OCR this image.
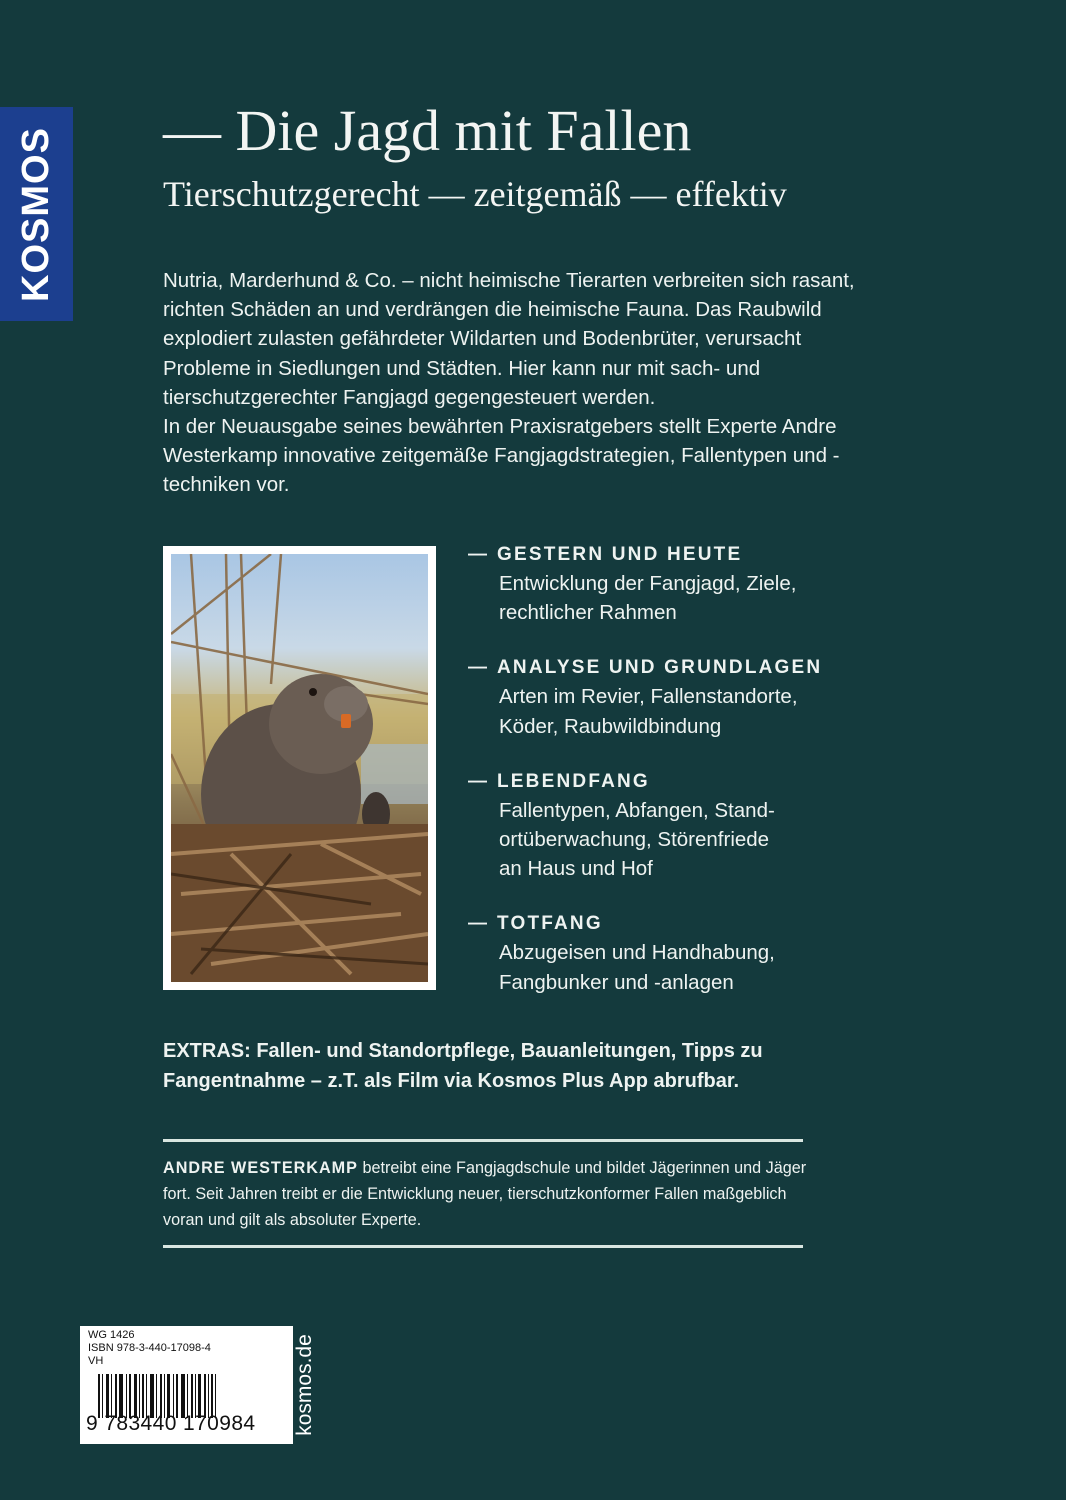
KOSMOS — Die Jagd mit Fallen
Tierschutzgerecht — zeitgemäß — effektiv

Nutria, Marderhund & Co. – nicht heimische Tierarten verbreiten sich rasant, richten Schäden an und verdrängen die heimische Fauna. Das Raubwild explodiert zulasten gefährdeter Wildarten und Bodenbrüter, verursacht Probleme in Siedlungen und Städten. Hier kann nur mit sach- und tierschutzgerechter Fangjagd gegengesteuert werden.

In der Neuausgabe seines bewährten Praxisratgebers stellt Experte Andre Westerkamp innovative zeitgemäße Fangjagdstrategien, Fallentypen und -techniken vor.

— GESTERN UND HEUTE
Entwicklung der Fangjagd, Ziele,
rechtlicher Rahmen
— ANALYSE UND GRUNDLAGEN
Arten im Revier, Fallenstandorte,
Köder, Raubwildbindung
— LEBENDFANG
Fallentypen, Abfangen, Stand-
ortüberwachung, Störenfriede
an Haus und Hof
— TOTFANG
Abzugeisen und Handhabung,
Fangbunker und -anlagen
EXTRAS: Fallen- und Standortpflege, Bauanleitungen, Tipps zu Fangentnahme – z.T. als Film via Kosmos Plus App abrufbar.
ANDRE WESTERKAMP betreibt eine Fangjagdschule und bildet Jägerinnen und Jäger fort. Seit Jahren treibt er die Entwicklung neuer, tierschutzkonformer Fallen maßgeblich voran und gilt als absoluter Experte.
WG 1426
ISBN 978-3-440-17098-4
VH
9 783440 170984 kosmos.de
